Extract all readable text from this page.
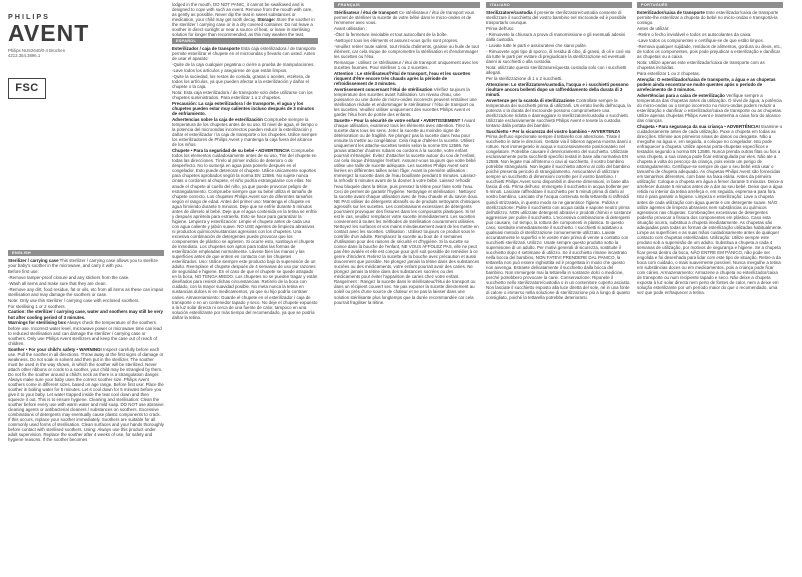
PHILIPS
AVENT
Philips NUS2640/0-4 Brochen 4213.354.3896.1
FSC
ENGLISH

Sterilizer / carrying case This sterilizer / carrying case allows you to sterilize your baby's soother in the microwave, and carry it with you.

Before first use:

-Remove tamper-proof closure and any stickers from the case.

-Wash all items and make sure that they are clean.

-Remove any dirt, food residue, fat or oils, etc from all items as these can impair sterilisation and may damage the soothers or case.

Note: Only use this sterilizer / carrying case with enclosed soothers.

For sterilising 1 or 2 soothers.

Caution: the sterilizer / carrying case, water and soothers may still be very hot after cooling period of 3 minutes.

Warnings for sterilising box Always check the temperature of the soothers before use. Incorrect water level, microwave power or microwave time can lead to reduced sterilisation and can damage the sterilizer / carrying case or soothers. Only use Philips Avent sterilizers and keep the case out of reach of children.

Soother • For your child's safety • WARNING! Inspect carefully before each use. Pull the soother in all directions. Throw away at the first signs of damage or weakness. Do not soak in solvent and then put in the sterilizer. The soother must be used in the way shown, in which the soother will be sterilized. Never attach other ribbons or cords to a soother, your child may be strangled by them. Do not fix the soother around a child's neck as there is a strangulation danger. Always make sure your baby uses the correct soother size. Philips Avent soothers come in different sizes, based on age range. Before first use: Place the soother in boiling water for 5 minutes. Let it cool down for 5 minutes before you give it to your baby. Let water trapped inside the teat cool down and then squeeze it out. This is to ensure hygiene. Cleaning and sterilisation: Clean the soother before every use with warm water and mild soap. DO NOT use abrasive cleaning agents or antibacterial cleaners / substances on soothers. Excessive combinations of detergents may eventually cause plastic components to crack. If this occurs, replace your soother immediately. Soothers are suitable for all commonly used forms of sterilisation. Clean surfaces and your hands thoroughly before contact with sterilised soothers. Using: Always use this product under adult supervision. Replace the soother after 4 weeks of use, for safety and hygiene reasons. If the soother becomes

lodged in the mouth, DO NOT PANIC, it cannot be swallowed and is designed to cope with such an event. Remove from the mouth with care, as gently as possible. Never dip the teat in sweet substances or medication, your child may get tooth decay. Storage: Store the soother in the sterilizer / carrying case or in a dry covered container. Do not leave a soother in direct sunlight or near a source of heat, or leave in sterilising solution for longer than recommended, as this may weaken the teat.

ESPAÑOL

Esterilizador / caja de transporte Esta caja esterilizadora / de transporte permite esterilizar el chupete en el microondas y llevarlo con usted. Antes de usar el aparato:

-Quite de la caja cualquier pegatina o cierre a prueba de manipulaciones.

-Lave todos los artículos y asegúrese de que están limpios.

-Quite la suciedad, los restos de comida, grasas o aceites, etcétera, de todos los artículos, ya que pueden afectar a la esterilización y dañar el chupete o la caja.

Nota: Esta caja esterilizadora / de transporte solo debe utilizarse con los chupetes suministrados. Para esterilizar 1 o 2 chupetes.

Precaución: La caja esterilizadora / de transporte, el agua y los chupetes pueden estar muy calientes incluso después de 3 minutos de enfriamiento.

Advertencias sobre la caja de esterilización Compruebe siempre la temperatura de los chupetes antes de su uso. El nivel de agua, el tiempo o la potencia del microondas incorrectos pueden reducir la esterilización y dañar el esterilizador / la caja de transporte o los chupetes. Utilice siempre los esterilizadores de Philips Avent y mantenga la caja fuera del alcance de los niños.

Chupete • Para la seguridad de su bebé • ADVERTENCIA Compruebe todos los elementos cuidadosamente antes de su uso. Tire del chupete en todas las direcciones. Tírelo al primer indicio de deterioro o de desperfecto. No lo sumerja en agua para ponerlo después en el congelador. Esto puede deteriorar el chupete. Utilice únicamente soportes para chupetes aprobados según la norma EN 12586. No sujete nunca cintas o cordones al chupete, el niño podría estrangularse con ellas. No anude el chupete al cuello del niño, ya que puede provocar peligro de estrangulamiento. Compruebe siempre que su bebé utiliza el tamaño de chupete correcto. Los chupetes Philips Avent son de diferentes tamaños según el rango de edad. Antes del primer uso: Mantenga el chupete en agua hirviendo durante 5 minutos. Deje que se enfríe durante 5 minutos antes de dárselo al bebé. Deje que el agua contenida en la tetina se enfríe y después apriétela para extraerla. Esto se hace para garantizar la higiene. Limpieza y esterilización: Limpie el chupete antes de cada uso con agua caliente y jabón suave. NO USE agentes de limpieza abrasivos ni productos químicos/sustancias agresivas con los chupetes. Una excesiva combinación de detergentes puede provocar que los componentes de plástico se agrieten. Si ocurre esto, sustituya el chupete de inmediato. Los chupetes son aptos para todas las formas de esterilización empleadas normalmente. Lávese bien las manos y las superficies antes de que entren en contacto con los chupetes esterilizados. Uso: Utilice siempre este producto bajo la supervisión de un adulto. Reemplace el chupete después de 4 semanas de uso por razones de seguridad e higiene. En el caso de que el chupete se quede atrapado en la boca, NO TENGA MIEDO. Los chupetes no se pueden tragar y están diseñados para resistir dichas circunstancias. Retírelo de la boca con cuidado, con la mayor suavidad posible. No meta nunca la tetina en sustancias dulces ni en medicamentos, ya que su hijo podría contraer caries. Almacenamiento: Guarde el chupete en el esterilizador / caja de transporte o en un contenedor tapado y seco. No deje el chupete expuesto a la luz solar directa ni cerca de una fuente de calor, tampoco en una solución esterilizante por más tiempo del recomendado, ya que se podría dañar la tetina.

FRANÇAIS

Stérilisateur / étui de transport Ce stérilisateur / étui de transport vous permet de stériliser la sucette de votre bébé dans le micro-ondes et de l'emmener avec vous.

Avant utilisation :

-Ôtez la fermeture inviolable et tout autocollant de la boîte.

-Nettoyez tous les éléments et assurez-vous qu'ils sont propres.

-Veuillez retirer toute saleté, tout résidu d'aliments, graisse ou huile de tout élément, car cela risque de compromettre la stérilisation et d'endommager les sucettes ou l'étui.

Remarque : utilisez ce stérilisateur / étui de transport uniquement avec les sucettes fournies. Pour stériliser 1 ou 2 sucettes.

Attention : Le stérilisateur/l'étui de transport, l'eau et les sucettes risquent d'être encore très chauds après la période de refroidissement de 3 minutes.

Avertissement concernant l'étui de stérilisation Vérifiez toujours la température des sucettes avant l'utilisation. Un niveau d'eau, une puissance ou une durée de micro-ondes incorrects peuvent entraîner une stérilisation réduite et endommager le stérilisateur / l'étui de transport ou les sucettes. Veuillez utiliser uniquement des sucettes Philips Avent et garder l'étui hors de portée des enfants.

Sucette • Pour la sécurité de votre enfant • AVERTISSEMENT ! Avant chaque utilisation, examinez tous les éléments avec attention. Tirez la sucette dans tous les sens. Jetez la sucette au moindre signe de détérioration ou de fragilité. Ne plongez pas la sucette dans l'eau pour ensuite la mettre au congélateur. Cela risque d'altérer la sucette. Utilisez uniquement les attache-sucettes testés selon la norme EN 12586. Ne jamais attacher d'autres rubans ou cordons à la sucette, votre enfant pourrait s'étrangler. Évitez d'attacher la sucette autour du cou de l'enfant, car cela risque d'étrangler l'enfant. Assurez-vous toujours que votre bébé utilise une taille de sucette adéquate. Les sucettes Philips Avent sont livrées en différentes tailles selon l'âge. Avant la première utilisation : Immergez la sucette dans de l'eau bouillante pendant 5 minutes. Laissez-la refroidir 5 minutes avant de la donner à votre bébé. Laissez refroidir l'eau bloquée dans la tétine, puis pressez la tétine pour faire sortir l'eau. Ceci de permet de garantir l'hygiène. Nettoyage et stérilisation : Nettoyez la sucette avant chaque utilisation avec de l'eau chaude et du savon doux. NE PAS utiliser de détergents abrasifs ou de produits nettoyants chimiques agressifs sur les sucettes. Les combinaisons excessives de détergents pourraient provoquer des fissures dans les composants plastiques. Si tel est le cas, veuillez remplacer votre sucette immédiatement. Les sucettes conviennent à toutes les méthodes de stérilisation couramment utilisées. Nettoyez les surfaces et vos mains minutieusement avant de les mettre en contact avec les sucettes. Utilisation : Utilisez toujours ce produit sous le contrôle d'un adulte. Remplacez la sucette au bout de 4 semaines d'utilisation pour des raisons de sécurité et d'hygiène. Si la sucette se coince dans la bouche de l'enfant, NE VOUS AFFOLEZ PAS, elle ne peut pas être avalée et elle est conçue pour qu'il soit possible de remédier à ce genre d'incident. Retirez la sucette de la bouche avec précaution et aussi doucement que possible. Ne plongez jamais la tétine dans des substances sucrées ou des médicaments, votre enfant pourrait avoir des caries. Ne plongez jamais la tétine dans des substances sucrées ou des médicaments pour éviter l'apparition de caries chez votre enfant. Rangement : Rangez la sucette dans le stérilisateur/l'étui de transport ou dans un récipient couvert sec. Ne pas exposer la sucette directement au soleil ou près d'une source de chaleur et ne pas la laisser dans une solution stérilisante plus longtemps que la durée recommandée car cela pourrait fragiliser la tétine.

ITALIANO

Sterilizzatore/custodia Il presente sterilizzatore/custodia consente di sterilizzare il succhietto del vostro bambino nel microonde ed è possibile trasportarlo ovunque.

Prima dell'uso

- Rimuovete la chiusura a prova di manomissione e gli eventuali adesivi dalla custodia.

- Lavate tutte le parti e assicuratevi che siano pulite.

- Rimuovete ogni tipo di sporco, di residui di cibo, di grassi, di oli e così via da tutte le parti per evitare di pregiudicare la sterilizzazione ed eventuali danni ai succhietti o alla custodia.

Nota: utilizzate questo sterilizzatore/questa custodia solo con i succhietti allegati.

Per la sterilizzazione di 1 o 2 succhietti.

Attenzione: Lo sterilizzatore/custodia, l'acqua e i succhietti possono risultare ancora bollenti dopo un raffreddamento della durata di 3 minuti.

Avvertenze per la scatola di sterilizzazione Controllate sempre la temperatura dei succhietti prima di utilizzarli. Un errato livello dell'acqua, la potenza o la durata del microonde possono compromettere una sterilizzazione ridotta e danneggiare lo sterilizzatore/custodia o succhietti. Utilizzate esclusivamente succhietti Philips Avent e tenete la custodia lontano dalla portata dei bambini.

Succhietto • Per la sicurezza del vostro bambino • AVVERTENZA Prima dell'uso ispezionate sempre il tettarello con attenzione. Tirate il succhietto in tutte le direzioni. Gettate via il biberon appena mostra danni o rotture. Non immergetelo in acqua e successivamente posizionatelo nel congelatore. Potrebbe causare il deterioramento del succhietto. Utilizzate esclusivamente porta succhietti specifici testati in base alla normativa EN 12586. Non legate mai all'interno o cavi al succhietto, il vostro bambino potrebbe strangolarsi. Non legate il succhietto attorno al collo del bambino poiché presenta pericolo di strangolamento. Assicuratevi di utilizzare sempre un succhietto di dimensioni corrette per il vostro bambino. I succhietti Philips Avent sono disponibili in diverse dimensioni, in base alla fascia di età. Prima dell'uso: Immergete il succhietto in acqua bollente per 5 minuti. Lasciate raffreddare il succhietto per 5 minuti prima di darlo al vostro bambino. Lasciate che l'acqua contenuta nella tettarella si raffreddi quindi strizzatela, in questo modo se ne garantisce l'igiene. Pulizia e sterilizzazione: Pulite il succhietto con acqua calda e sapone neutro prima dell'utilizzo. NON utilizzate detergenti abrasivi o prodotti chimici e sostanze aggressive per pulire il succhietto. L'eccessiva combinazione di detergenti può causare, col tempo, la rottura dei componenti in plastica. In questo caso, sostituite immediatamente il succhietto. I succhietti si adattano a qualsiasi metodo di sterilizzazione comunemente utilizzato. Lavate accuratamente le superfici e le vostre mani prima di venire a contatto con succhietti sterilizzati. Utilizzo: Usate sempre questo prodotto sotto la supervisione di un adulto. Per motivi generali di sicurezza, sostituite il succhietto dopo 4 settimane di utilizzo. Se il succhietto rimane incastrato nella bocca del bambino, NON FATEVI PRENDERE DAL PANICO, la tettarella non può essere inghiottita ed è progettata in modo che questo non avvenga. Estraete delicatamente il succhietto dalla bocca del bambino. Non immergete mai la tettarella in sostanze dolci o medicine, perché potrebbero provocare la carie. Conservazione: Riponete il succhietto nello sterilizzatore/custodia o in un contenitore coperto asciutto. Non lasciate il succhietto esposto alla luce diretta del sole, né in una fonte di calore o immerso nella soluzione di sterilizzazione più a lungo di quanto consigliato, poiché la tettarella potrebbe deteriorarsi.

PORTUGUÊS

Esterilizador/caixa de transporte Este esterilizador/caixa de transporte permite-lhe esterilizar a chupeta do bebé no micro-ondas e transportá-la consigo.

Antes de utilizar:

-Retire o fecho inviolável e todos os autocolantes da caixa.

-Lave todos os componentes e certifique-se de que estão limpos.

-Remova qualquer sujidade, resíduos de alimentos, gordura ou óleos, etc., de todos os componentes, pois pode prejudicar a esterilização e danificar as chupetas ou a caixa.

Nota: Utilize apenas este esterilizador/caixa de transporte com as chupetas incluídas.

Para esterilizar 1 ou 2 chupetas.

Atenção: O esterilizador/caixa de transporte, a água e as chupetas podem ainda encontrar-se muito quentes após o período de arrefecimento de 3 minutos.

Advertências para a caixa de esterilização Verifique sempre a temperatura das chupetas antes da utilização. O nível de água, a potência do micro-ondas ou o tempo incorrecto no micro-ondas podem reduzir a esterilização e danificar o esterilizador/caixa de transporte ou as chupetas. Utilize apenas chupetas Philips Avent e mantenha a caixa fora do alcance das crianças.

Chupeta • Para segurança da sua criança • ADVERTÊNCIA! Examine-o cuidadosamente antes de cada utilização. Puxe a chupeta em todas as direcções. Elimine aos primeiros sinais de danos ou desgaste. Não a mergulhe na água e, em seguida, a coloque no congelador. Isto pode enfraquecer a chupeta. Utilize apenas porta-chupetas específicos e testados segundo a norma EN 12586. Nunca prenda outras fitas ou fios a uma chupeta, a sua criança pode ficar estrangulada por eles. Não ate a chupeta à volta do pescoço da criança, pois existe um perigo de estrangulamento. Certifique-se sempre de que o seu bebé está usar o tamanho de chupeta adequado. As chupetas Philips Avent são fornecidas em tamanhos diferentes, com base na faixa etária. Antes da primeira utilização: Coloque a chupeta em água a ferver durante 5 minutos. Deixe-a arrefecer durante 5 minutos antes de a dar ao seu bebé. Deixe que a água retida no interior da tetina arrefeça e, em seguida, esprema-a para fora. Isto é para garantir a higiene. Limpeza e esterilização: Lave a chupeta antes de cada utilização com água quente e um detergente suave. NÃO utilize agentes de limpeza abrasivos nem substâncias ou químicos agressivos nas chupetas. Combinações excessivas de detergentes poderão provocar a fissura dos componentes em plástico. Caso esta situação ocorra, substitua a chupeta imediatamente. As chupetas são adequadas para todas as formas de esterilização utilizadas habitualmente. Limpe as superfícies e as suas mãos cuidadosamente antes de qualquer contacto com chupetas esterilizadas. Utilização: Utilize sempre este produto sob a supervisão de um adulto. Substitua a chupeta a cada 4 semanas de utilização, por motivos de segurança e higiene. Se a chupeta ficar presa dentro da boca, NÃO ENTRE EM PÂNICO, não pode ser engolida e foi desenhada para lidar com este tipo de situação. Retire-a da boca com cuidado, o mais suavemente possível. Nunca mergulhe a tetina em substâncias doces ou em medicamentos, pois a criança pode ficar com cáries. Armazenamento: Armazene a chupeta no esterilizador/caixa de transporte ou num recipiente tapado e seco. Não deixe a chupeta exposta à luz solar directa nem perto de fontes de calor, nem a deixe em solução esterilizante por um período maior do que o recomendado, uma vez que pode enfraquecer a tetina.
